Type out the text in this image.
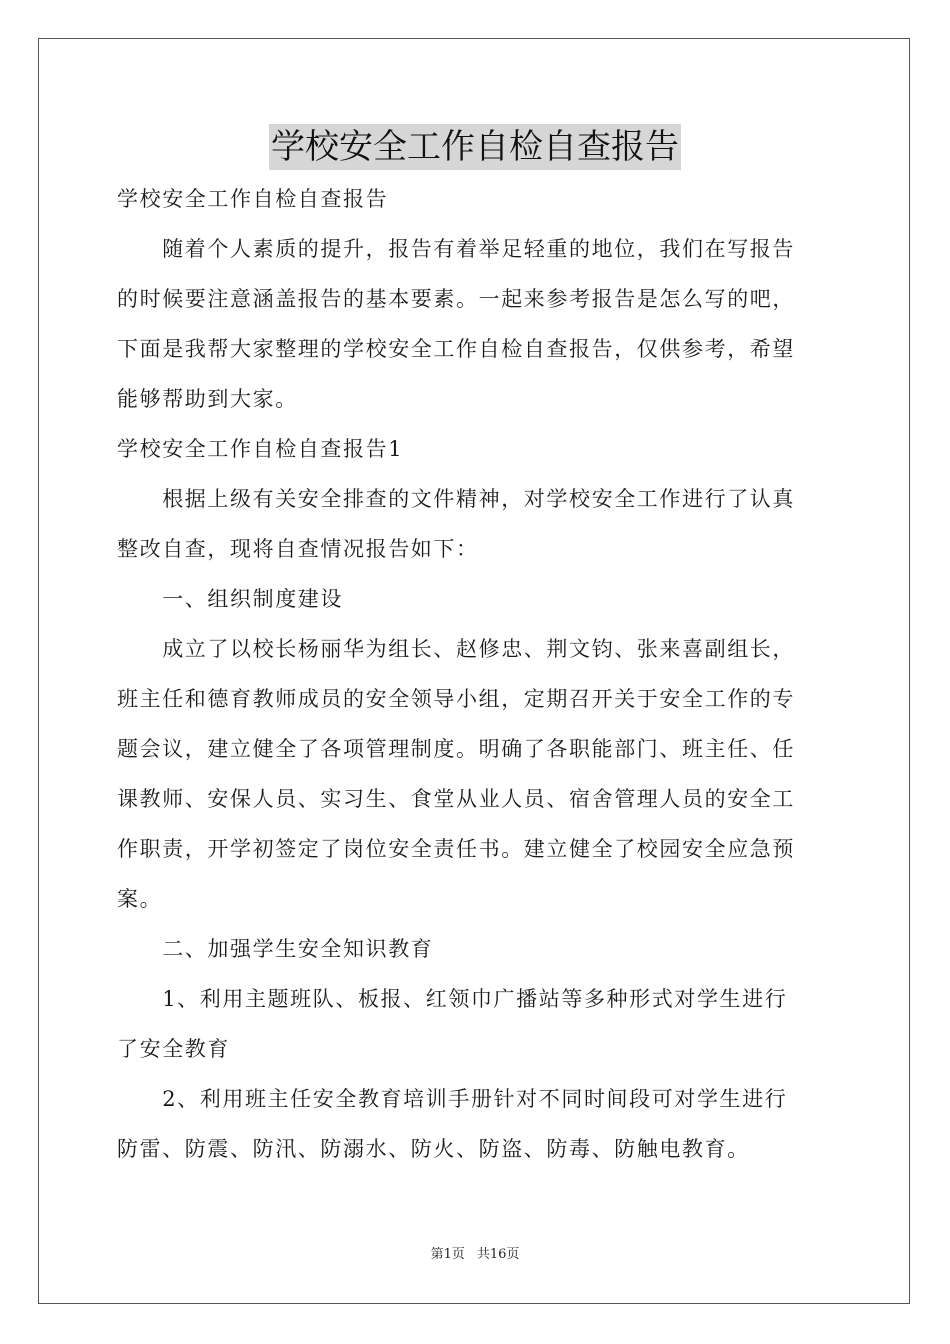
学校安全工作自检自查报告
学校安全工作自检自查报告
　　随着个人素质的提升，报告有着举足轻重的地位，我们在写报告
的时候要注意涵盖报告的基本要素。一起来参考报告是怎么写的吧，
下面是我帮大家整理的学校安全工作自检自查报告，仅供参考，希望
能够帮助到大家。
学校安全工作自检自查报告1
　　根据上级有关安全排查的文件精神，对学校安全工作进行了认真
整改自查，现将自查情况报告如下：
　　一、组织制度建设
　　成立了以校长杨丽华为组长、赵修忠、荆文钧、张来喜副组长，
班主任和德育教师成员的安全领导小组，定期召开关于安全工作的专
题会议，建立健全了各项管理制度。明确了各职能部门、班主任、任
课教师、安保人员、实习生、食堂从业人员、宿舍管理人员的安全工
作职责，开学初签定了岗位安全责任书。建立健全了校园安全应急预
案。
　　二、加强学生安全知识教育
　　1、利用主题班队、板报、红领巾广播站等多种形式对学生进行
了安全教育
　　2、利用班主任安全教育培训手册针对不同时间段可对学生进行
防雷、防震、防汛、防溺水、防火、防盗、防毒、防触电教育。
第1页 共16页
